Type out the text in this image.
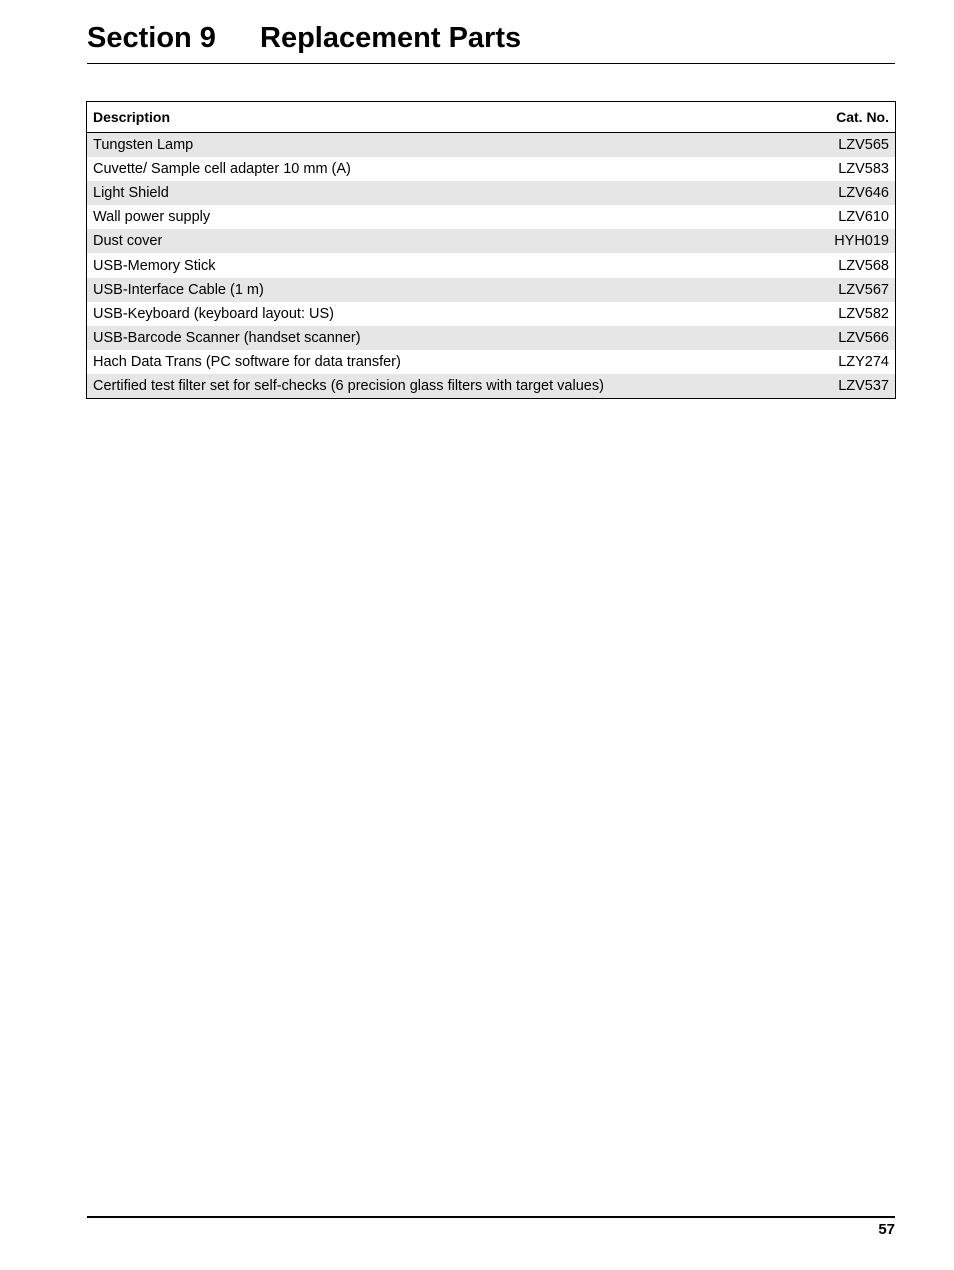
Section 9 Replacement Parts
Description	Cat. No.
Tungsten Lamp	LZV565
Cuvette/ Sample cell adapter 10 mm (A)	LZV583
Light Shield	LZV646
Wall power supply	LZV610
Dust cover	HYH019
USB-Memory Stick	LZV568
USB-Interface Cable (1 m)	LZV567
USB-Keyboard (keyboard layout: US)	LZV582
USB-Barcode Scanner (handset scanner)	LZV566
Hach Data Trans (PC software for data transfer)	LZY274
Certified test filter set for self-checks (6 precision glass filters with target values)	LZV537
57
